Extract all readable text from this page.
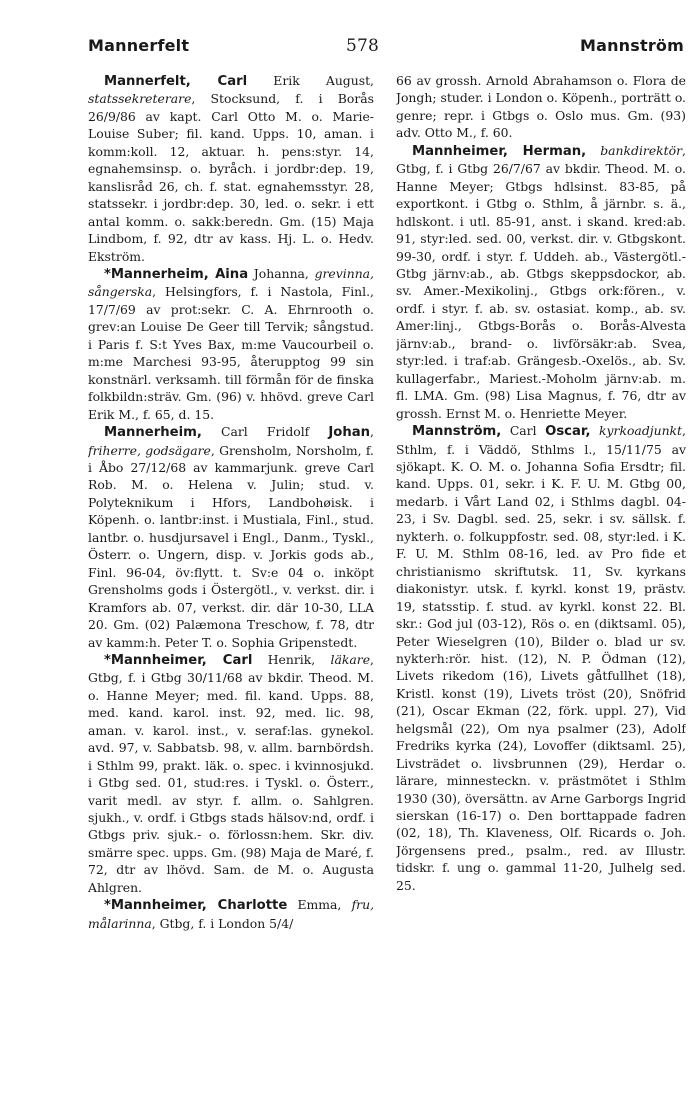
Mannerfelt	578	Mannström

Mannerfelt, Carl Erik August, statssekreterare, Stocksund, f. i Borås 26/9/86 av kapt. Carl Otto M. o. Marie-Louise Suber; fil. kand. Upps. 10, aman. i komm:koll. 12, aktuar. h. pens:styr. 14, egnahemsinsp. o. byråch. i jordbr:dep. 19, kanslisråd 26, ch. f. stat. egnahemsstyr. 28, statssekr. i jordbr:dep. 30, led. o. sekr. i ett antal komm. o. sakk:beredn. Gm. (15) Maja Lindbom, f. 92, dtr av kass. Hj. L. o. Hedv. Ekström.

*Mannerheim, Aina Johanna, grevinna, sångerska, Helsingfors, f. i Nastola, Finl., 17/7/69 av prot:sekr. C. A. Ehrnrooth o. grev:an Louise De Geer till Tervik; sångstud. i Paris f. S:t Yves Bax, m:me Vaucourbeil o. m:me Marchesi 93-95, återupptog 99 sin konstnärl. verksamh. till förmån för de finska folkbildn:sträv. Gm. (96) v. hhövd. greve Carl Erik M., f. 65, d. 15.

Mannerheim, Carl Fridolf Johan, friherre, godsägare, Grensholm, Norsholm, f. i Åbo 27/12/68 av kammarjunk. greve Carl Rob. M. o. Helena v. Julin; stud. v. Polyteknikum i Hfors, Landbohøisk. i Köpenh. o. lantbr:inst. i Mustiala, Finl., stud. lantbr. o. husdjursavel i Engl., Danm., Tyskl., Österr. o. Ungern, disp. v. Jorkis gods ab., Finl. 96-04, öv:flytt. t. Sv:e 04 o. inköpt Grensholms gods i Östergötl., v. verkst. dir. i Kramfors ab. 07, verkst. dir. där 10-30, LLA 20. Gm. (02) Palæmona Treschow, f. 78, dtr av kamm:h. Peter T. o. Sophia Gripenstedt.

*Mannheimer, Carl Henrik, läkare, Gtbg, f. i Gtbg 30/11/68 av bkdir. Theod. M. o. Hanne Meyer; med. fil. kand. Upps. 88, med. kand. karol. inst. 92, med. lic. 98, aman. v. karol. inst., v. seraf:las. gynekol. avd. 97, v. Sabbatsb. 98, v. allm. barnbördsh. i Sthlm 99, prakt. läk. o. spec. i kvinnosjukd. i Gtbg sed. 01, stud:res. i Tyskl. o. Österr., varit medl. av styr. f. allm. o. Sahlgren. sjukh., v. ordf. i Gtbgs stads hälsov:nd, ordf. i Gtbgs priv. sjuk.- o. förlossn:hem. Skr. div. smärre spec. upps. Gm. (98) Maja de Maré, f. 72, dtr av lhövd. Sam. de M. o. Augusta Ahlgren.

*Mannheimer, Charlotte Emma, fru, målarinna, Gtbg, f. i London 5/4/

66 av grossh. Arnold Abrahamson o. Flora de Jongh; studer. i London o. Köpenh., porträtt o. genre; repr. i Gtbgs o. Oslo mus. Gm. (93) adv. Otto M., f. 60.

Mannheimer, Herman, bankdirektör, Gtbg, f. i Gtbg 26/7/67 av bkdir. Theod. M. o. Hanne Meyer; Gtbgs hdlsinst. 83-85, på exportkont. i Gtbg o. Sthlm, å järnbr. s. ä., hdlskont. i utl. 85-91, anst. i skand. kred:ab. 91, styr:led. sed. 00, verkst. dir. v. Gtbgskont. 99-30, ordf. i styr. f. Uddeh. ab., Västergötl.-Gtbg järnv:ab., ab. Gtbgs skeppsdockor, ab. sv. Amer.-Mexikolinj., Gtbgs ork:fören., v. ordf. i styr. f. ab. sv. ostasiat. komp., ab. sv. Amer:linj., Gtbgs-Borås o. Borås-Alvesta järnv:ab., brand- o. livförsäkr:ab. Svea, styr:led. i traf:ab. Grängesb.-Oxelös., ab. Sv. kullagerfabr., Mariest.-Moholm järnv:ab. m. fl. LMA. Gm. (98) Lisa Magnus, f. 76, dtr av grossh. Ernst M. o. Henriette Meyer.

Mannström, Carl Oscar, kyrkoadjunkt, Sthlm, f. i Väddö, Sthlms l., 15/11/75 av sjökapt. K. O. M. o. Johanna Sofia Ersdtr; fil. kand. Upps. 01, sekr. i K. F. U. M. Gtbg 00, medarb. i Vårt Land 02, i Sthlms dagbl. 04-23, i Sv. Dagbl. sed. 25, sekr. i sv. sällsk. f. nykterh. o. folkuppfostr. sed. 08, styr:led. i K. F. U. M. Sthlm 08-16, led. av Pro fide et christianismo skriftutsk. 11, Sv. kyrkans diakonistyr. utsk. f. kyrkl. konst 19, prästv. 19, statsstip. f. stud. av kyrkl. konst 22. Bl. skr.: God jul (03-12), Rös o. en (diktsaml. 05), Peter Wieselgren (10), Bilder o. blad ur sv. nykterh:rör. hist. (12), N. P. Ödman (12), Livets rikedom (16), Livets gåtfullhet (18), Kristl. konst (19), Livets tröst (20), Snöfrid (21), Oscar Ekman (22, förk. uppl. 27), Vid helgsmål (22), Om nya psalmer (23), Adolf Fredriks kyrka (24), Lovoffer (diktsaml. 25), Livsträdet o. livsbrunnen (29), Herdar o. lärare, minnesteckn. v. prästmötet i Sthlm 1930 (30), översättn. av Arne Garborgs Ingrid sierskan (16-17) o. Den borttappade fadren (02, 18), Th. Klaveness, Olf. Ricards o. Joh. Jörgensens pred., psalm., red. av Illustr. tidskr. f. ung o. gammal 11-20, Julhelg sed. 25.
